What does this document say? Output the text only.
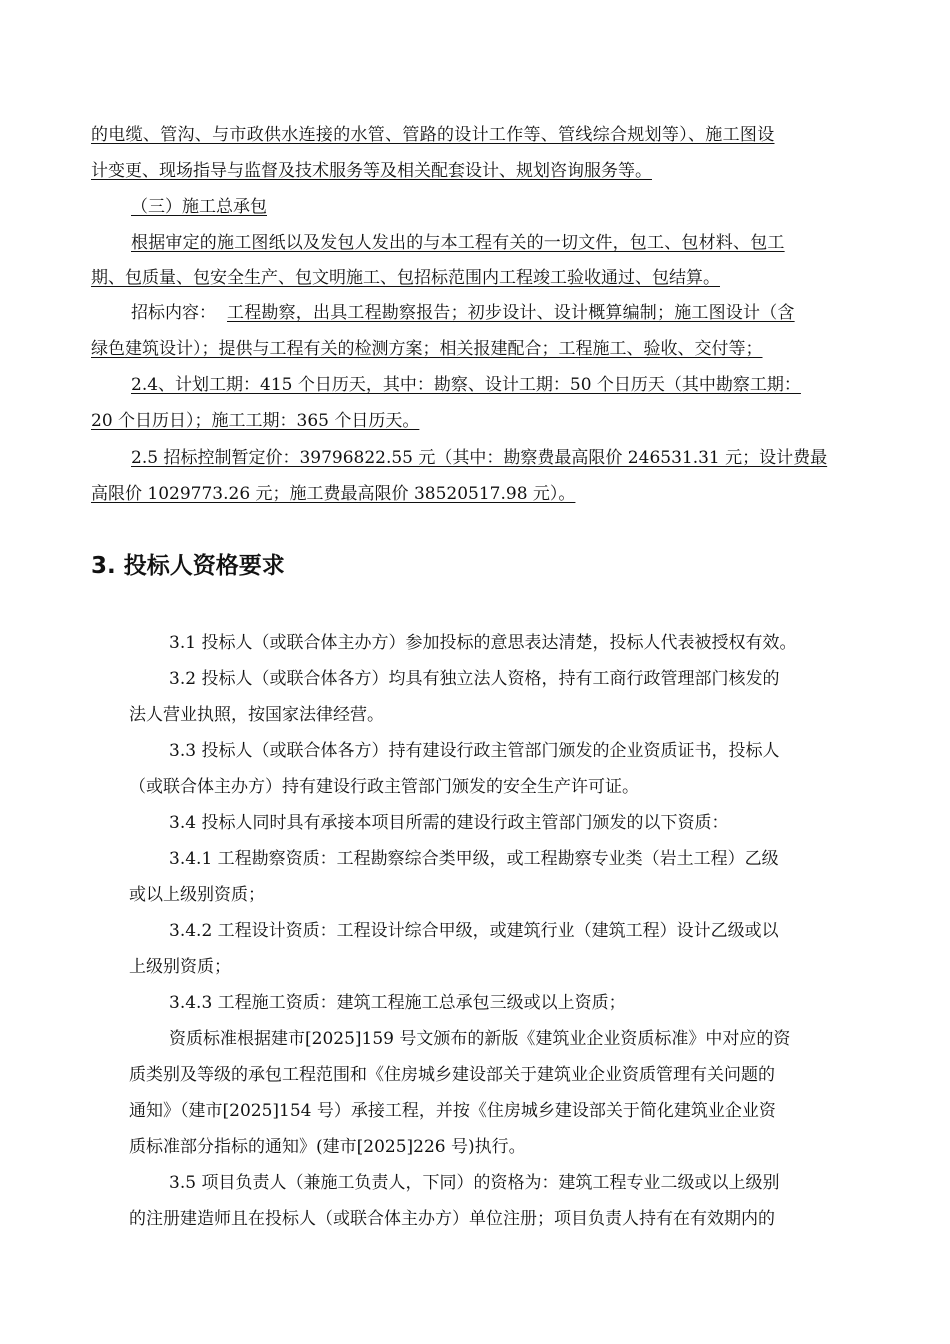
的电缆、管沟、与市政供水连接的水管、管路的设计工作等、管线综合规划等）、施工图设
计变更、现场指导与监督及技术服务等及相关配套设计、规划咨询服务等。
（三）施工总承包
根据审定的施工图纸以及发包人发出的与本工程有关的一切文件，包工、包材料、包工
期、包质量、包安全生产、包文明施工、包招标范围内工程竣工验收通过、包结算。
招标内容： 工程勘察，出具工程勘察报告；初步设计、设计概算编制；施工图设计（含
绿色建筑设计）；提供与工程有关的检测方案；相关报建配合；工程施工、验收、交付等；
2.4、计划工期：415 个日历天，其中：勘察、设计工期：50 个日历天（其中勘察工期：
20 个日历日）；施工工期：365 个日历天。
2.5 招标控制暂定价：39796822.55 元（其中：勘察费最高限价 246531.31 元；设计费最
高限价 1029773.26 元；施工费最高限价 38520517.98 元）。
3. 投标人资格要求
3.1 投标人（或联合体主办方）参加投标的意思表达清楚，投标人代表被授权有效。
3.2 投标人（或联合体各方）均具有独立法人资格，持有工商行政管理部门核发的
法人营业执照，按国家法律经营。
3.3 投标人（或联合体各方）持有建设行政主管部门颁发的企业资质证书，投标人
（或联合体主办方）持有建设行政主管部门颁发的安全生产许可证。
3.4 投标人同时具有承接本项目所需的建设行政主管部门颁发的以下资质：
3.4.1 工程勘察资质：工程勘察综合类甲级，或工程勘察专业类（岩土工程）乙级
或以上级别资质；
3.4.2 工程设计资质：工程设计综合甲级，或建筑行业（建筑工程）设计乙级或以
上级别资质；
3.4.3 工程施工资质：建筑工程施工总承包三级或以上资质；
资质标准根据建市[2025]159 号文颁布的新版《建筑业企业资质标准》中对应的资
质类别及等级的承包工程范围和《住房城乡建设部关于建筑业企业资质管理有关问题的
通知》（建市[2025]154 号）承接工程，并按《住房城乡建设部关于简化建筑业企业资
质标准部分指标的通知》(建市[2025]226 号)执行。
3.5 项目负责人（兼施工负责人，下同）的资格为：建筑工程专业二级或以上级别
的注册建造师且在投标人（或联合体主办方）单位注册；项目负责人持有在有效期内的
